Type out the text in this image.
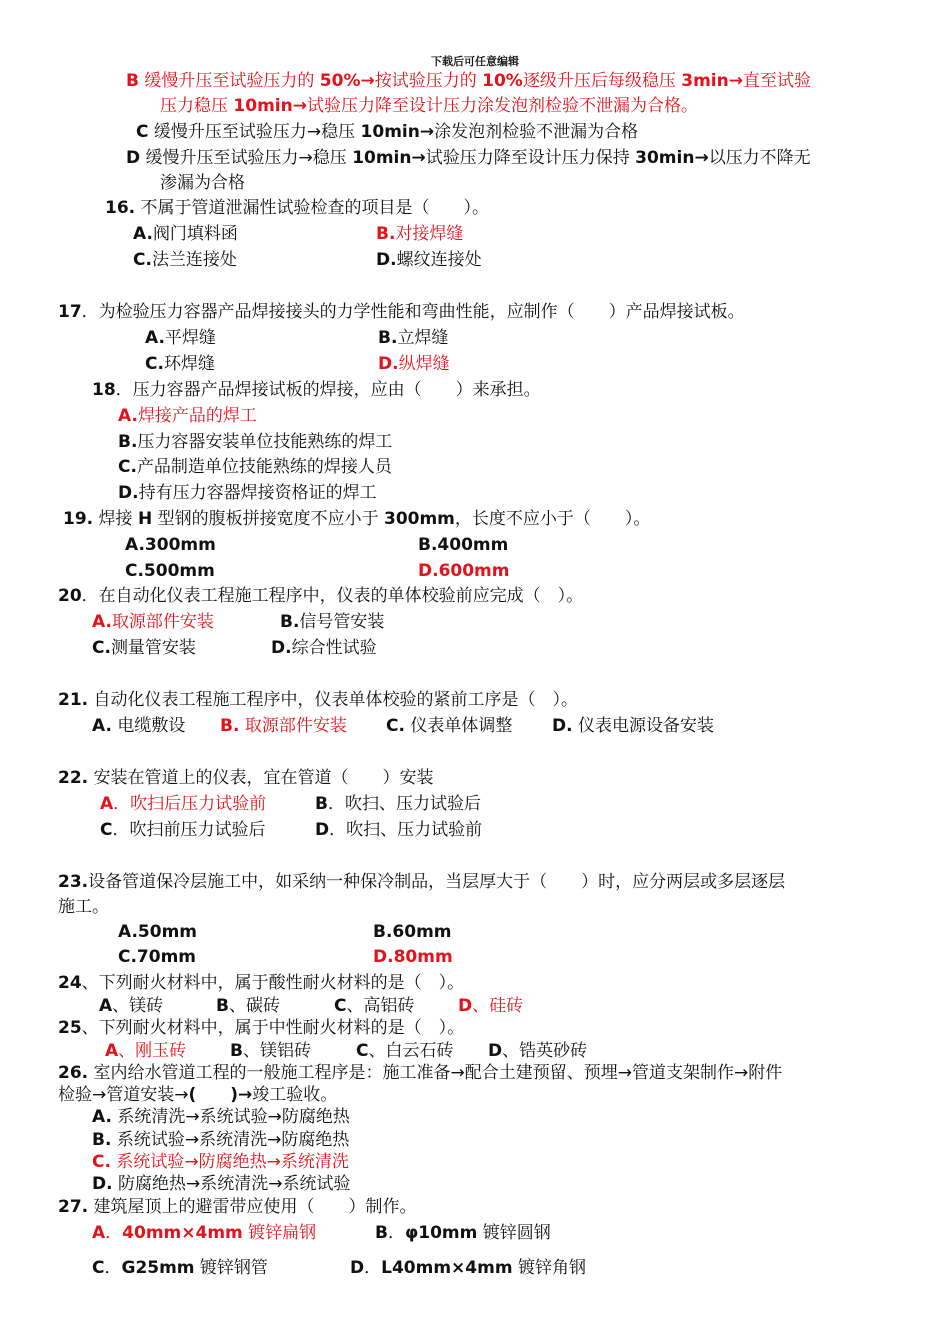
下载后可任意编辑
B 缓慢升压至试验压力的 50%→按试验压力的 10%逐级升压后每级稳压 3min→直至试验
压力稳压 10min→试验压力降至设计压力涂发泡剂检验不泄漏为合格。
C 缓慢升压至试验压力→稳压 10min→涂发泡剂检验不泄漏为合格
D 缓慢升压至试验压力→稳压 10min→试验压力降至设计压力保持 30min→以压力不降无
渗漏为合格
16. 不属于管道泄漏性试验检查的项目是（　　）。
A.阀门填料函	B.对接焊缝
C.法兰连接处	D.螺纹连接处
17．为检验压力容器产品焊接接头的力学性能和弯曲性能，应制作（　　）产品焊接试板。
A.平焊缝	B.立焊缝
C.环焊缝	D.纵焊缝
18．压力容器产品焊接试板的焊接，应由（　　）来承担。
A.焊接产品的焊工
B.压力容器安装单位技能熟练的焊工
C.产品制造单位技能熟练的焊接人员
D.持有压力容器焊接资格证的焊工
19. 焊接 H 型钢的腹板拼接宽度不应小于 300mm，长度不应小于（　　）。
A.300mm	B.400mm
C.500mm	D.600mm
20．在自动化仪表工程施工程序中，仪表的单体校验前应完成（　）。
A.取源部件安装	B.信号管安装
C.测量管安装	D.综合性试验
21. 自动化仪表工程施工程序中，仪表单体校验的紧前工序是（　）。
A. 电缆敷设 B. 取源部件安装 C. 仪表单体调整 D. 仪表电源设备安装
22. 安装在管道上的仪表，宜在管道（　　）安装
A．吹扫后压力试验前	B．吹扫、压力试验后
C．吹扫前压力试验后	D．吹扫、压力试验前
23.设备管道保冷层施工中，如采纳一种保冷制品，当层厚大于（　　）时，应分两层或多层逐层
施工。
A.50mm	B.60mm
C.70mm	D.80mm
24、下列耐火材料中，属于酸性耐火材料的是（　）。
A、镁砖	B、碳砖	C、高铝砖	D、硅砖
25、下列耐火材料中，属于中性耐火材料的是（　）。
A、刚玉砖	B、镁铝砖	C、白云石砖 D、锆英砂砖
26. 室内给水管道工程的一般施工程序是：施工准备→配合土建预留、预埋→管道支架制作→附件
检验→管道安装→(　　)→竣工验收。
A. 系统清洗→系统试验→防腐绝热
B. 系统试验→系统清洗→防腐绝热
C. 系统试验→防腐绝热→系统清洗
D. 防腐绝热→系统清洗→系统试验
27. 建筑屋顶上的避雷带应使用（　　）制作。
A．40mm×4mm 镀锌扁钢	B．φ10mm 镀锌圆钢
C．G25mm 镀锌钢管	D．L40mm×4mm 镀锌角钢
